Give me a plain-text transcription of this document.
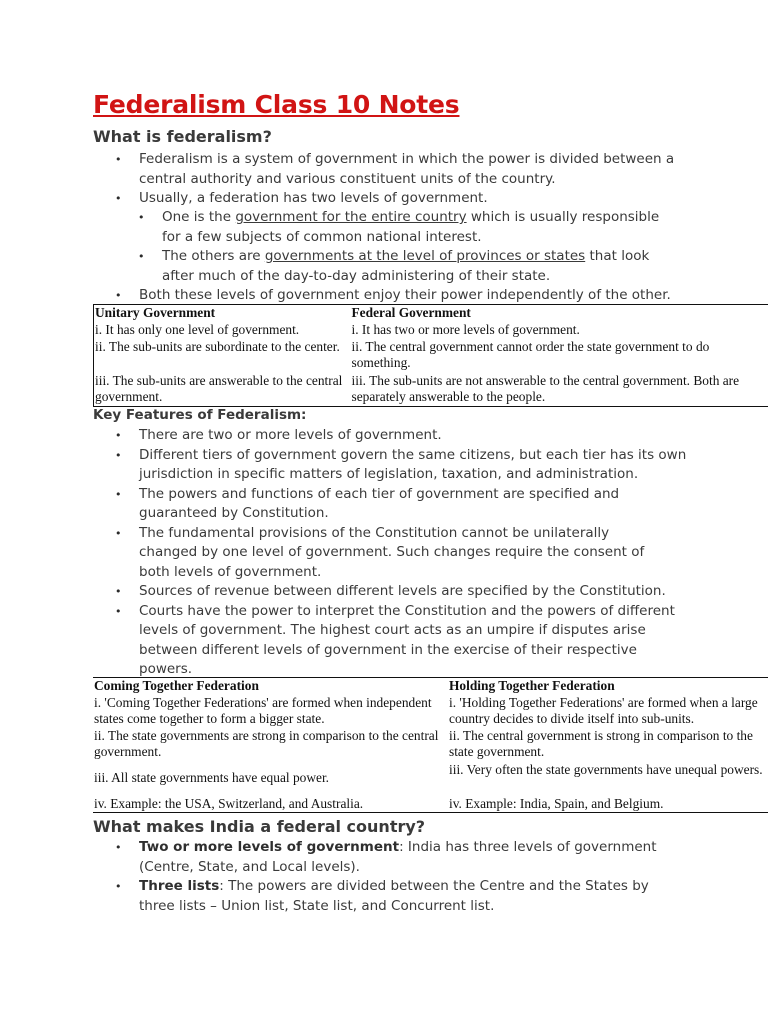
Federalism Class 10 Notes
What is federalism?
• Federalism is a system of government in which the power is divided between a central authority and various constituent units of the country.
• Usually, a federation has two levels of government.
• One is the government for the entire country which is usually responsible for a few subjects of common national interest.
• The others are governments at the level of provinces or states that look after much of the day-to-day administering of their state.
• Both these levels of government enjoy their power independently of the other.
Unitary Government	Federal Government
i. It has only one level of government.	i. It has two or more levels of government.

ii. The sub-units are subordinate to the center.	ii. The central government cannot order the state government to do something.

iii. The sub-units are answerable to the central government.	iii. The sub-units are not answerable to the central government. Both are separately answerable to the people.
Key Features of Federalism:
• There are two or more levels of government.
• Different tiers of government govern the same citizens, but each tier has its own jurisdiction in specific matters of legislation, taxation, and administration.
• The powers and functions of each tier of government are specified and guaranteed by Constitution.
• The fundamental provisions of the Constitution cannot be unilaterally changed by one level of government. Such changes require the consent of both levels of government.
• Sources of revenue between different levels are specified by the Constitution.
• Courts have the power to interpret the Constitution and the powers of different levels of government. The highest court acts as an umpire if disputes arise between different levels of government in the exercise of their respective powers.
Coming Together Federation	Holding Together Federation

i. 'Coming Together Federations' are formed when independent states come together to form a bigger state.	i. 'Holding Together Federations' are formed when a large country decides to divide itself into sub-units.

ii. The state governments are strong in comparison to the central government.	ii. The central government is strong in comparison to the state government.

iii. All state governments have equal power.	iii. Very often the state governments have unequal powers.

iv. Example: the USA, Switzerland, and Australia.	iv. Example: India, Spain, and Belgium.
What makes India a federal country?
• Two or more levels of government: India has three levels of government (Centre, State, and Local levels).
• Three lists: The powers are divided between the Centre and the States by three lists – Union list, State list, and Concurrent list.
